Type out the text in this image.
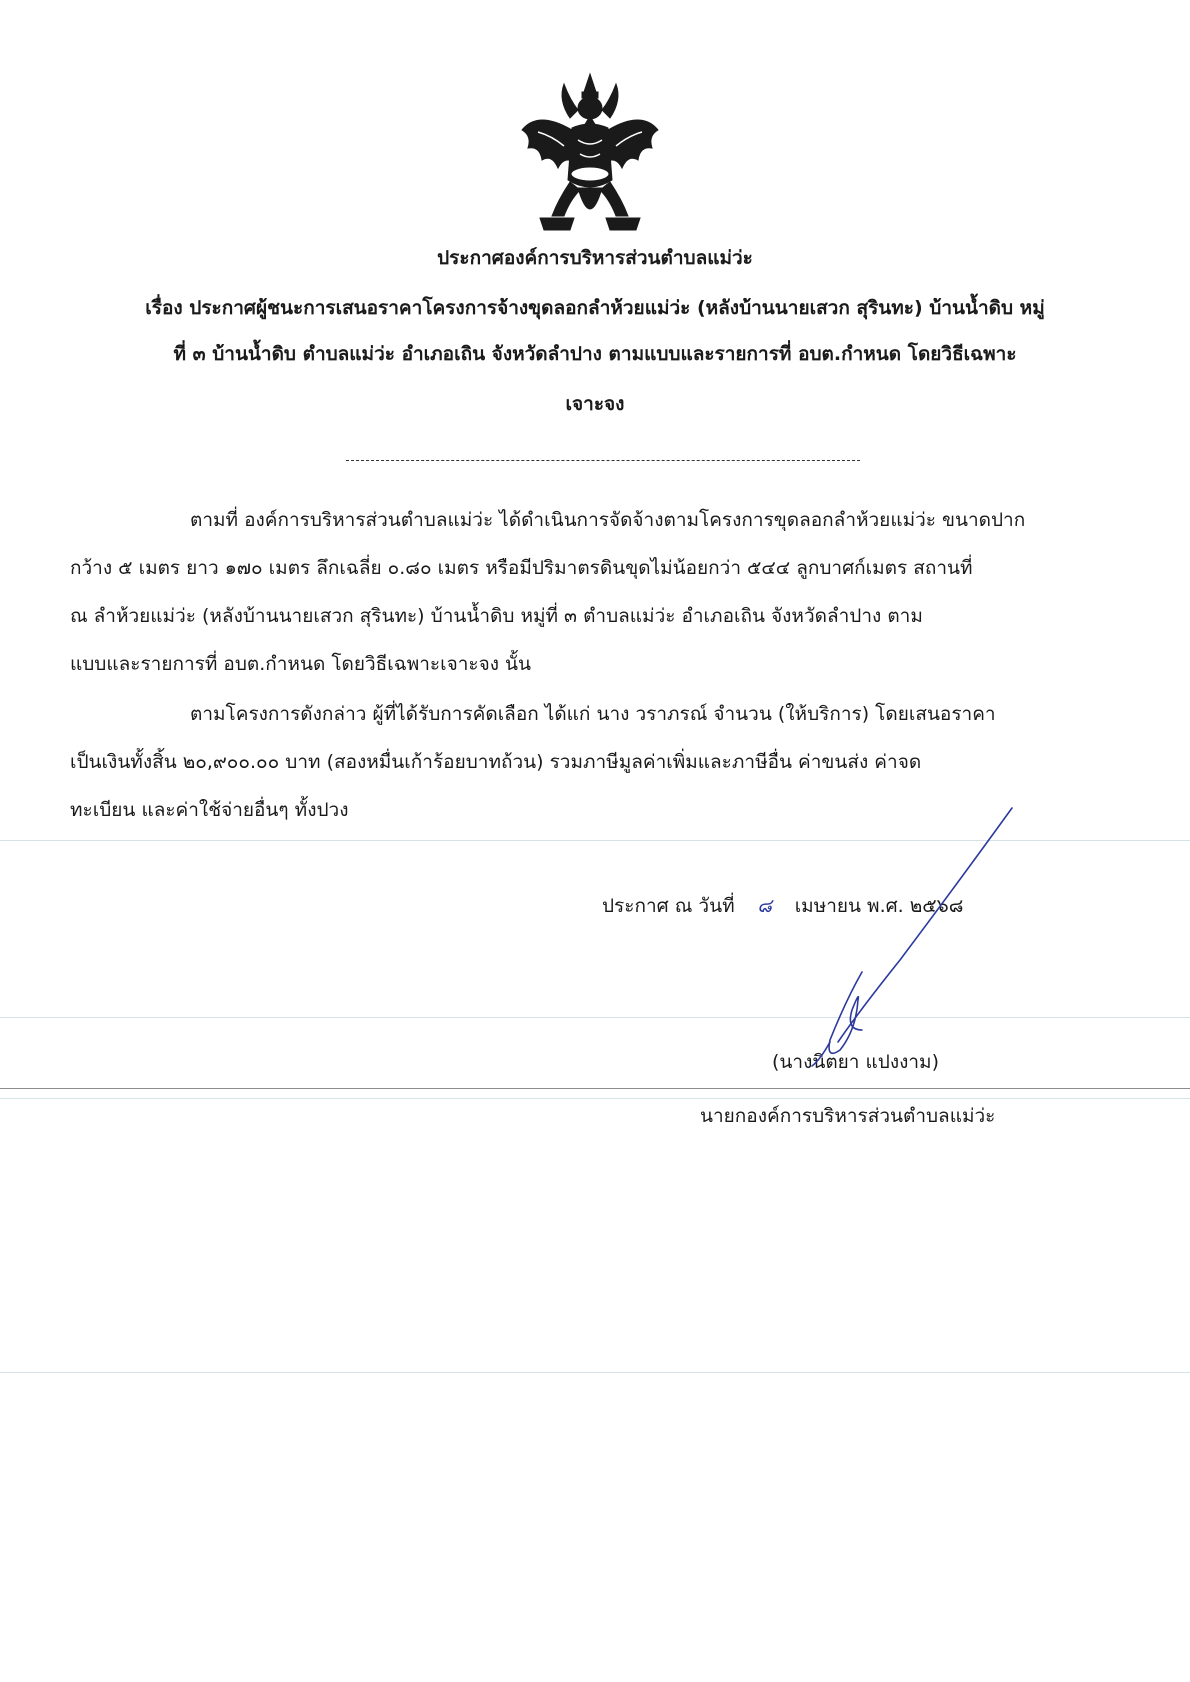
ประกาศองค์การบริหารส่วนตำบลแม่ว่ะ
เรื่อง ประกาศผู้ชนะการเสนอราคาโครงการจ้างขุดลอกลำห้วยแม่ว่ะ (หลังบ้านนายเสวก สุรินทะ) บ้านน้ำดิบ หมู่
ที่ ๓ บ้านน้ำดิบ ตำบลแม่ว่ะ อำเภอเถิน จังหวัดลำปาง ตามแบบและรายการที่ อบต.กำหนด โดยวิธีเฉพาะ
เจาะจง
ตามที่ องค์การบริหารส่วนตำบลแม่ว่ะ ได้ดำเนินการจัดจ้างตามโครงการขุดลอกลำห้วยแม่ว่ะ ขนาดปาก
กว้าง ๕ เมตร ยาว ๑๗๐ เมตร ลึกเฉลี่ย ๐.๘๐ เมตร หรือมีปริมาตรดินขุดไม่น้อยกว่า ๕๔๔ ลูกบาศก์เมตร สถานที่
ณ ลำห้วยแม่ว่ะ (หลังบ้านนายเสวก สุรินทะ) บ้านน้ำดิบ หมู่ที่ ๓ ตำบลแม่ว่ะ อำเภอเถิน จังหวัดลำปาง ตาม
แบบและรายการที่ อบต.กำหนด โดยวิธีเฉพาะเจาะจง นั้น
ตามโครงการดังกล่าว ผู้ที่ได้รับการคัดเลือก ได้แก่ นาง วราภรณ์ จำนวน (ให้บริการ) โดยเสนอราคา
เป็นเงินทั้งสิ้น ๒๐,๙๐๐.๐๐ บาท (สองหมื่นเก้าร้อยบาทถ้วน) รวมภาษีมูลค่าเพิ่มและภาษีอื่น ค่าขนส่ง ค่าจด
ทะเบียน และค่าใช้จ่ายอื่นๆ ทั้งปวง
ประกาศ ณ วันที่ ๘ เมษายน พ.ศ. ๒๕๖๘
(นางนิตยา แปงงาม)
นายกองค์การบริหารส่วนตำบลแม่ว่ะ
